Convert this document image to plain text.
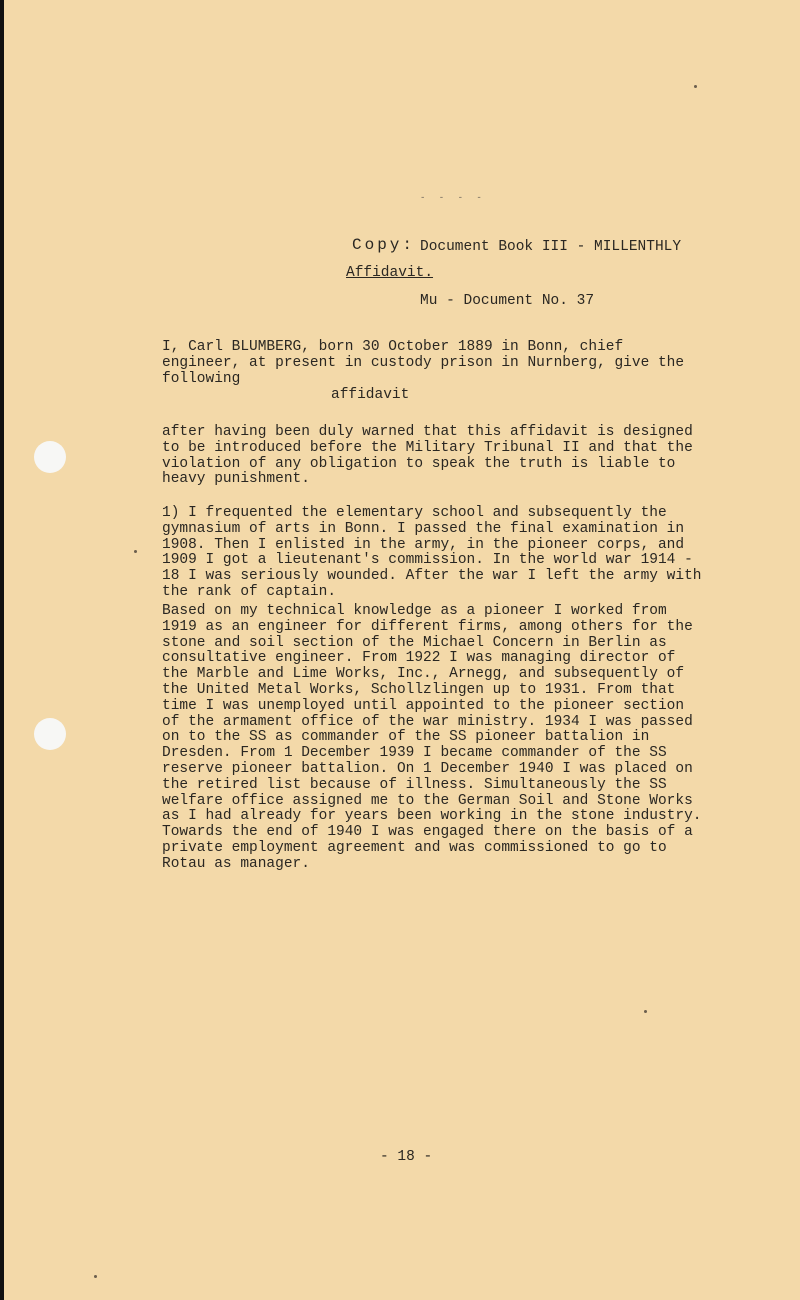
- - - -

Document Book III - MILLENTHLY

Mu - Document No. 37

Copy:
Affidavit.
I, Carl BLUMBERG, born 30 October 1889 in Bonn, chief engineer, at present in custody prison in Nurnberg, give the following
affidavit
after having been duly warned that this affidavit is designed to be introduced before the Military Tribunal II and that the violation of any obligation to speak the truth is liable to heavy punishment.
1) I frequented the elementary school and subsequently the gymnasium of arts in Bonn. I passed the final examination in 1908. Then I enlisted in the army, in the pioneer corps, and 1909 I got a lieutenant's commission. In the world war 1914 - 18 I was seriously wounded. After the war I left the army with the rank of captain.
Based on my technical knowledge as a pioneer I worked from 1919 as an engineer for different firms, among others for the stone and soil section of the Michael Concern in Berlin as consultative engineer. From 1922 I was managing director of the Marble and Lime Works, Inc., Arnegg, and subsequently of the United Metal Works, Schollzlingen up to 1931. From that time I was unemployed until appointed to the pioneer section of the armament office of the war ministry. 1934 I was passed on to the SS as commander of the SS pioneer battalion in Dresden. From 1 December 1939 I became commander of the SS reserve pioneer battalion. On 1 December 1940 I was placed on the retired list because of illness. Simultaneously the SS welfare office assigned me to the German Soil and Stone Works as I had already for years been working in the stone industry. Towards the end of 1940 I was engaged there on the basis of a private employment agreement and was commissioned to go to Rotau as manager.
- 18 -
